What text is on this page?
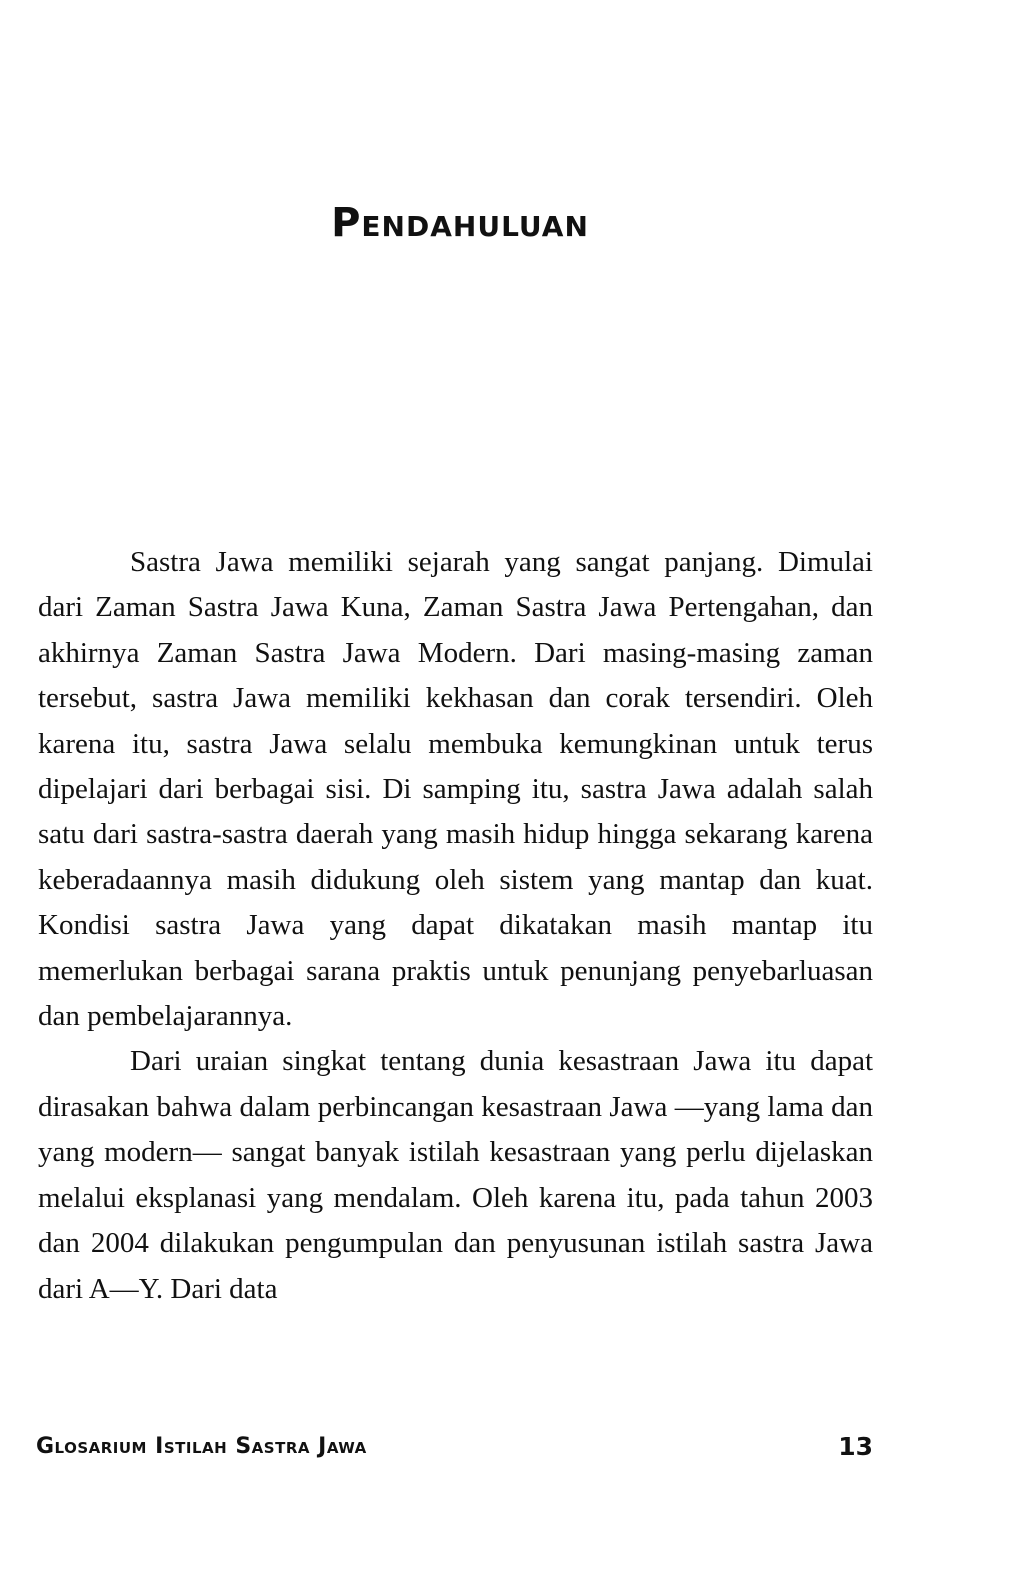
Pendahuluan

Sastra Jawa memiliki sejarah yang sangat panjang. Dimulai dari Zaman Sastra Jawa Kuna, Zaman Sastra Jawa Pertengahan, dan akhirnya Zaman Sastra Jawa Modern. Dari masing-masing zaman tersebut, sastra Jawa memiliki kekhasan dan corak tersendiri. Oleh karena itu, sastra Jawa selalu membuka kemungkinan untuk terus dipelajari dari berbagai sisi. Di samping itu, sastra Jawa adalah salah satu dari sastra-sastra daerah yang masih hidup hingga sekarang karena keberadaannya masih didukung oleh sistem yang mantap dan kuat. Kondisi sastra Jawa yang dapat dikatakan masih mantap itu memerlukan berbagai sarana praktis untuk penunjang penyebarluasan dan pembelajarannya.

Dari uraian singkat tentang dunia kesastraan Jawa itu dapat dirasakan bahwa dalam perbincangan kesastraan Jawa —yang lama dan yang modern— sangat banyak istilah kesastraan yang perlu dijelaskan melalui eksplanasi yang mendalam. Oleh karena itu, pada tahun 2003 dan 2004 dilakukan pengumpulan dan penyusunan istilah sastra Jawa dari A—Y. Dari data

Glosarium Istilah Sastra Jawa	13
